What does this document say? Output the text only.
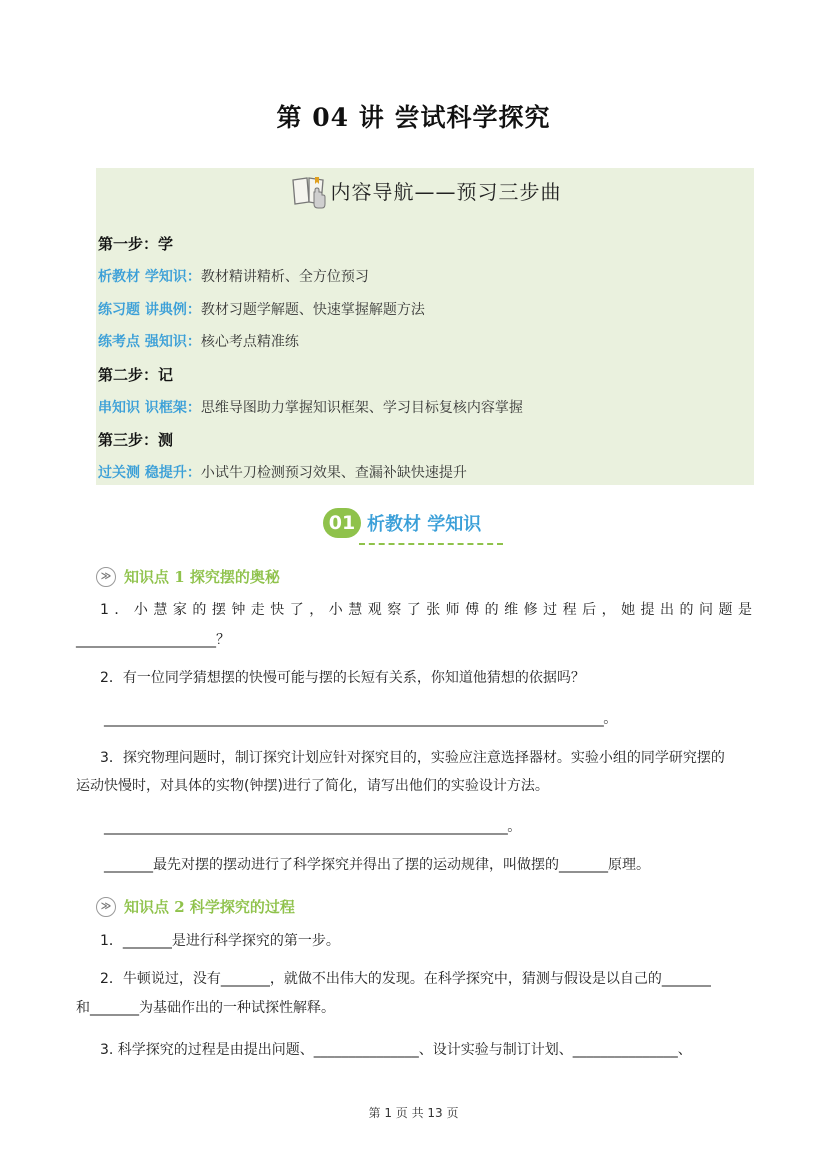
第 04 讲 尝试科学探究
内容导航——预习三步曲
第一步：学
析教材 学知识：教材精讲精析、全方位预习
练习题 讲典例：教材习题学解题、快速掌握解题方法
练考点 强知识：核心考点精准练
第二步：记
串知识 识框架：思维导图助力掌握知识框架、学习目标复核内容掌握
第三步：测
过关测 稳提升：小试牛刀检测预习效果、查漏补缺快速提升
01 析教材 学知识
≫ 知识点 1 探究摆的奥秘
1．小慧家的摆钟走快了，小慧观察了张师傅的维修过程后，她提出的问题是
____________________？
2．有一位同学猜想摆的快慢可能与摆的长短有关系，你知道他猜想的依据吗？
______________________________________________________________________________。
3．探究物理问题时，制订探究计划应针对探究目的，实验应注意选择器材。实验小组的同学研究摆的
运动快慢时，对具体的实物(钟摆)进行了简化，请写出他们的实验设计方法。
_______________________________________________________________。
_______最先对摆的摆动进行了科学探究并得出了摆的运动规律，叫做摆的_______原理。
≫ 知识点 2 科学探究的过程
1．_______是进行科学探究的第一步。
2．牛顿说过，没有_______，就做不出伟大的发现。在科学探究中，猜测与假设是以自己的_______
和_______为基础作出的一种试探性解释。
3. 科学探究的过程是由提出问题、_______________、设计实验与制订计划、_______________、
第 1 页 共 13 页
